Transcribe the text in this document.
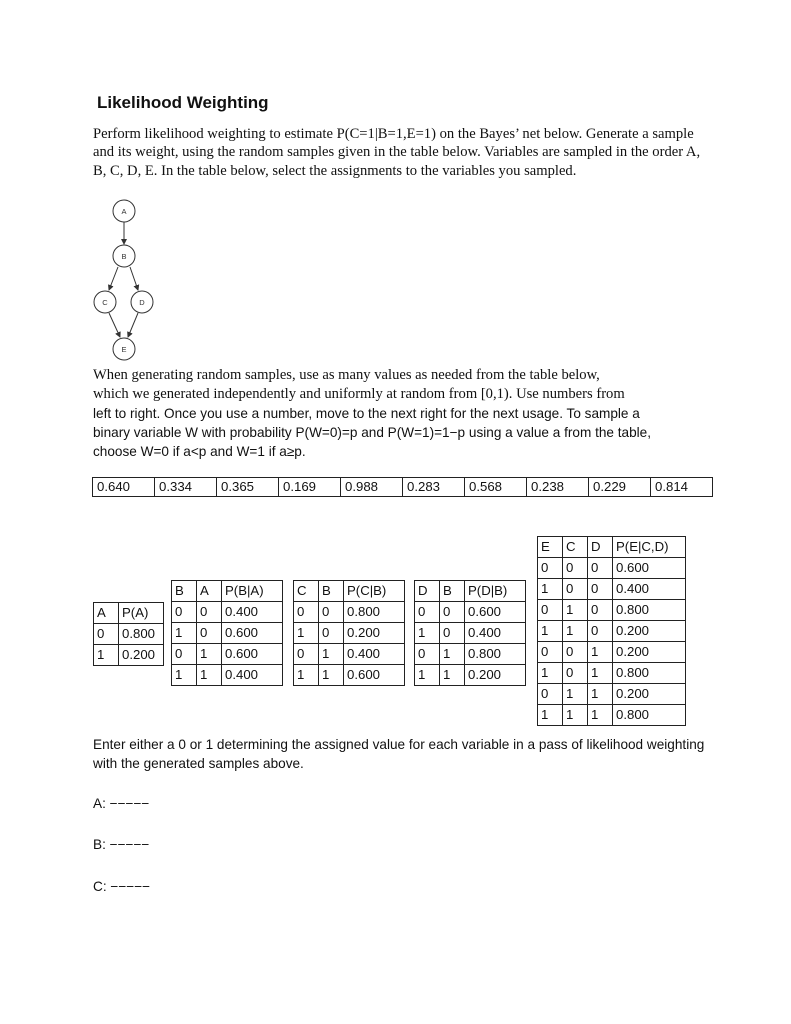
Likelihood Weighting

Perform likelihood weighting to estimate P(C=1|B=1,E=1) on the Bayes’ net below. Generate a sample and its weight, using the random samples given in the table below. Variables are sampled in the order A, B, C, D, E. In the table below, select the assignments to the variables you sampled.

A
B
C	D
E
When generating random samples, use as many values as needed from the table below,
which we generated independently and uniformly at random from [0,1). Use numbers from
left to right. Once you use a number, move to the next right for the next usage. To sample a
binary variable W with probability P(W=0)=p and P(W=1)=1−p using a value a from the table,
choose W=0 if a<p and W=1 if a≥p.
0.640	0.334	0.365	0.169	0.988	0.283	0.568	0.238	0.229	0.814
A	P(A)
0	0.800
1	0.200
B	A	P(B|A)
0	0	0.400
1	0	0.600
0	1	0.600
1	1	0.400
C	B	P(C|B)
0	0	0.800
1	0	0.200
0	1	0.400
1	1	0.600
D	B	P(D|B)
0	0	0.600
1	0	0.400
0	1	0.800
1	1	0.200
E	C	D	P(E|C,D)
0	0	0	0.600
1	0	0	0.400
0	1	0	0.800
1	1	0	0.200
0	0	1	0.200
1	0	1	0.800
0	1	1	0.200
1	1	1	0.800

Enter either a 0 or 1 determining the assigned value for each variable in a pass of likelihood weighting with the generated samples above.

A: −−−−−
B: −−−−−
C: −−−−−
